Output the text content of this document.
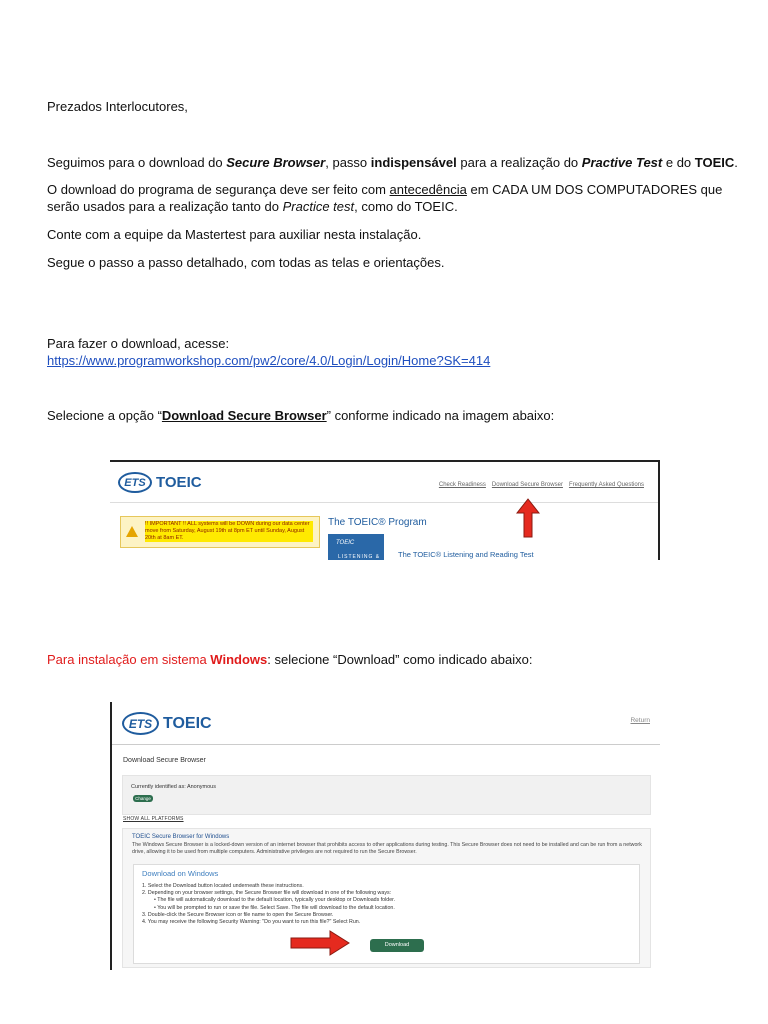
Prezados Interlocutores,

Seguimos para o download do Secure Browser, passo indispensável para a realização do Practive Test e do TOEIC.

O download do programa de segurança deve ser feito com antecedência em CADA UM DOS COMPUTADORES que
serão usados para a realização tanto do Practice test, como do TOEIC.

Conte com a equipe da Mastertest para auxiliar nesta instalação.

Segue o passo a passo detalhado, com todas as telas e orientações.

Para fazer o download, acesse:

https://www.programworkshop.com/pw2/core/4.0/Login/Login/Home?SK=414

Selecione a opção “Download Secure Browser” conforme indicado na imagem abaixo:

ETS TOEIC	Check Readiness Download Secure Browser Frequently Asked Questions
!! IMPORTANT !! ALL systems will be DOWN during our data center move from Saturday, August 19th at 8pm ET until Sunday, August 20th at 8am ET.
The TOEIC® Program
TOEIC
LISTENING & The TOEIC® Listening and Reading Test

Para instalação em sistema Windows: selecione “Download” como indicado abaixo:

ETS TOEIC	Return
Download Secure Browser
Currently identified as: Anonymous
Change
SHOW ALL PLATFORMS
TOEIC Secure Browser for Windows
The Windows Secure Browser is a locked-down version of an internet browser that prohibits access to other applications during testing. This Secure Browser does not need to be installed and can be run from a network drive, allowing it to be used from multiple computers. Administrative privileges are not required to run the Secure Browser.
Download on Windows
1. Select the Download button located underneath these instructions.
2. Depending on your browser settings, the Secure Browser file will download in one of the following ways:
• The file will automatically download to the default location, typically your desktop or Downloads folder.
• You will be prompted to run or save the file. Select Save. The file will download to the default location.
3. Double-click the Secure Browser icon or file name to open the Secure Browser.
4. You may receive the following Security Warning: "Do you want to run this file?" Select Run.
Download
